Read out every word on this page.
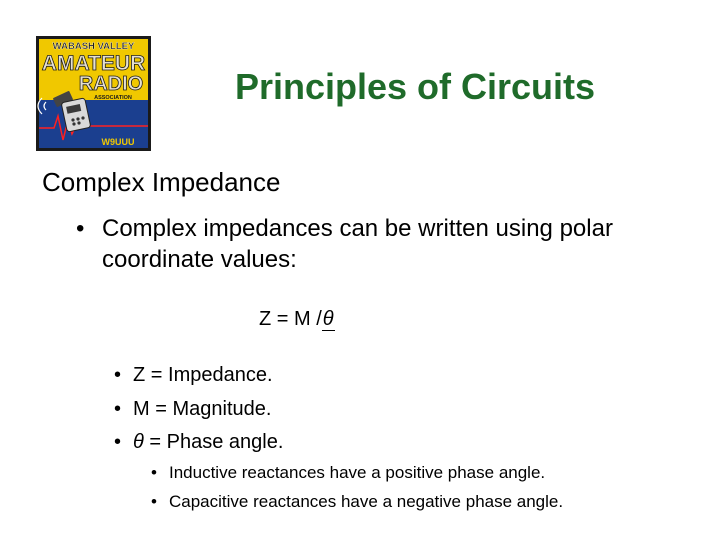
WABASH VALLEY
AMATEUR
RADIO
ASSOCIATION
W9UUU
Principles of Circuits
Complex Impedance
• Complex impedances can be written using polar coordinate values:
Z = M /θ
• Z = Impedance.
• M = Magnitude.
• θ = Phase angle.
• Inductive reactances have a positive phase angle.
• Capacitive reactances have a negative phase angle.
